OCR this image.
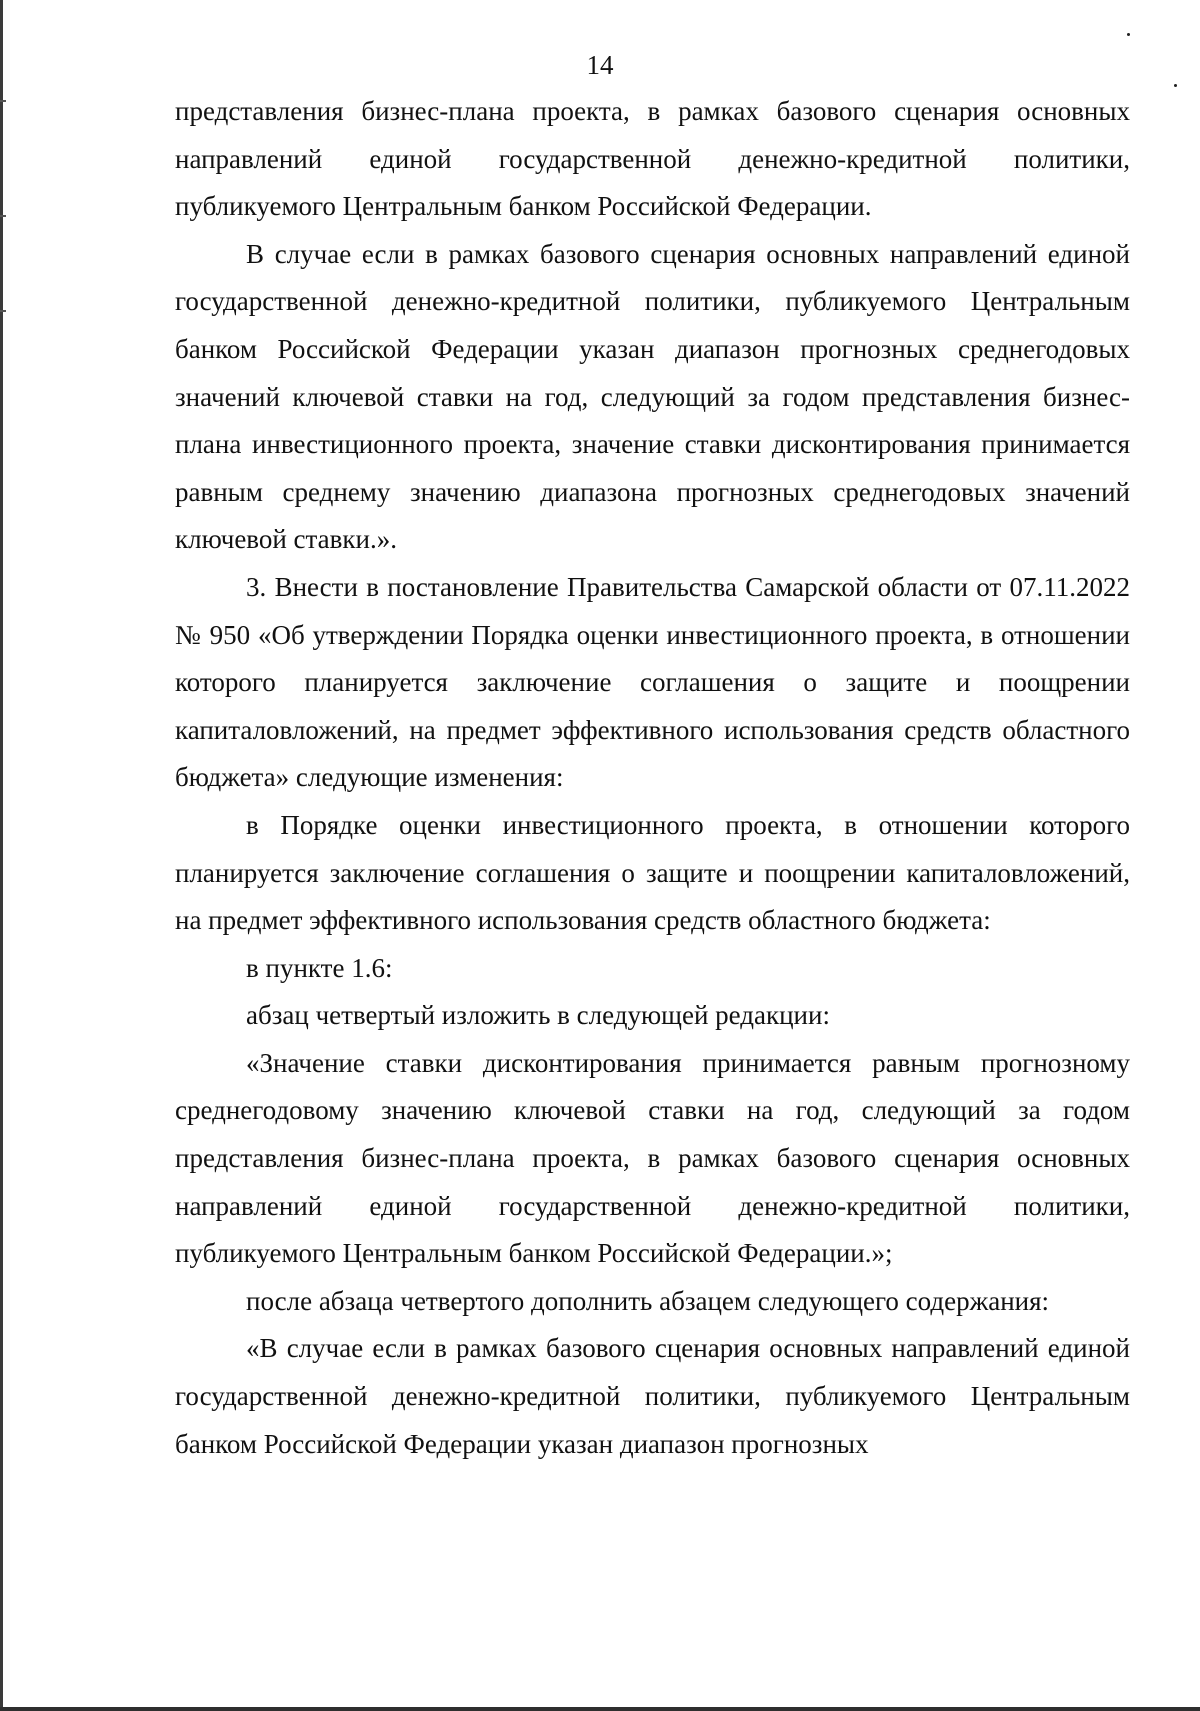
14

представления бизнес-плана проекта, в рамках базового сценария основных направлений единой государственной денежно-кредитной политики, публикуемого Центральным банком Российской Федерации.

В случае если в рамках базового сценария основных направлений единой государственной денежно-кредитной политики, публикуемого Центральным банком Российской Федерации указан диапазон прогнозных среднегодовых значений ключевой ставки на год, следующий за годом представления бизнес-плана инвестиционного проекта, значение ставки дисконтирования принимается равным среднему значению диапазона прогнозных среднегодовых значений ключевой ставки.».

3. Внести в постановление Правительства Самарской области от 07.11.2022 № 950 «Об утверждении Порядка оценки инвестиционного проекта, в отношении которого планируется заключение соглашения о защите и поощрении капиталовложений, на предмет эффективного использования средств областного бюджета» следующие изменения:

в Порядке оценки инвестиционного проекта, в отношении которого планируется заключение соглашения о защите и поощрении капиталовложений, на предмет эффективного использования средств областного бюджета:

в пункте 1.6:

абзац четвертый изложить в следующей редакции:

«Значение ставки дисконтирования принимается равным прогнозному среднегодовому значению ключевой ставки на год, следующий за годом представления бизнес-плана проекта, в рамках базового сценария основных направлений единой государственной денежно-кредитной политики, публикуемого Центральным банком Российской Федерации.»;

после абзаца четвертого дополнить абзацем следующего содержания:

«В случае если в рамках базового сценария основных направлений единой государственной денежно-кредитной политики, публикуемого Центральным банком Российской Федерации указан диапазон прогнозных
